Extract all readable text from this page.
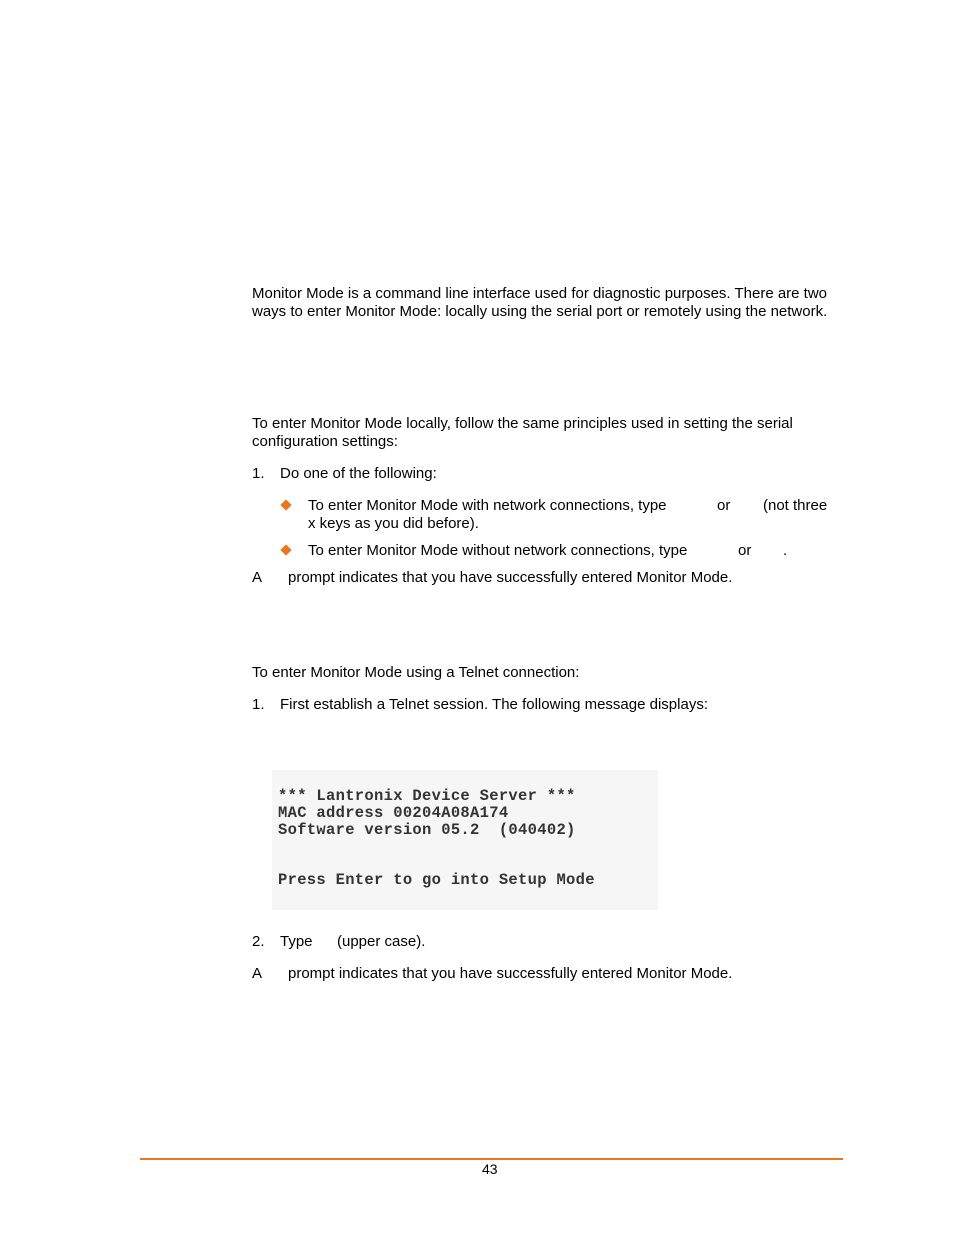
Monitor Mode is a command line interface used for diagnostic purposes. There are two ways to enter Monitor Mode: locally using the serial port or remotely using the network.
To enter Monitor Mode locally, follow the same principles used in setting the serial configuration settings:
1. Do one of the following:
To enter Monitor Mode with network connections, type	or (not three
x keys as you did before).
To enter Monitor Mode without network connections, type	or .
A prompt indicates that you have successfully entered Monitor Mode.
To enter Monitor Mode using a Telnet connection:
1. First establish a Telnet session. The following message displays:
*** Lantronix Device Server ***
MAC address 00204A08A174
Software version 05.2  (040402)
Press Enter to go into Setup Mode
2. Type (upper case).
A prompt indicates that you have successfully entered Monitor Mode.
43
